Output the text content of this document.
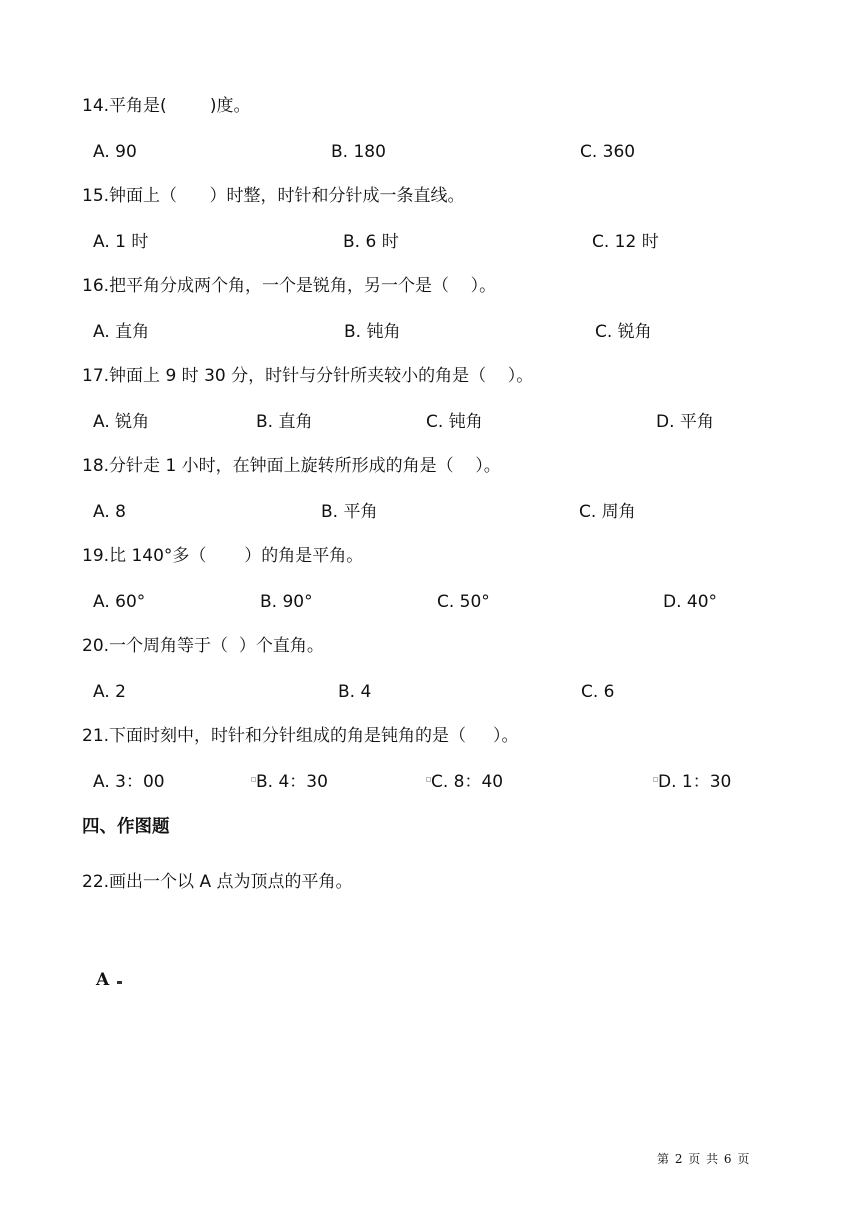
14.平角是(        )度。
A. 90	B. 180	C. 360
15.钟面上（      ）时整，时针和分针成一条直线。
A. 1 时	B. 6 时	C. 12 时
16.把平角分成两个角，一个是锐角，另一个是（    ）。
A. 直角	B. 钝角	C. 锐角
17.钟面上 9 时 30 分，时针与分针所夹较小的角是（    ）。
A. 锐角	B. 直角	C. 钝角	D. 平角
18.分针走 1 小时，在钟面上旋转所形成的角是（    ）。
A. 8	B. 平角	C. 周角
19.比 140°多（       ）的角是平角。
A. 60°	B. 90°	C. 50°	D. 40°
20.一个周角等于（  ）个直角。
A. 2	B. 4	C. 6
21.下面时刻中，时针和分针组成的角是钝角的是（     ）。
A. 3：00	B. 4：30	C. 8：40	D. 1：30
四、作图题
22.画出一个以 A 点为顶点的平角。
A
第 2 页 共 6 页
